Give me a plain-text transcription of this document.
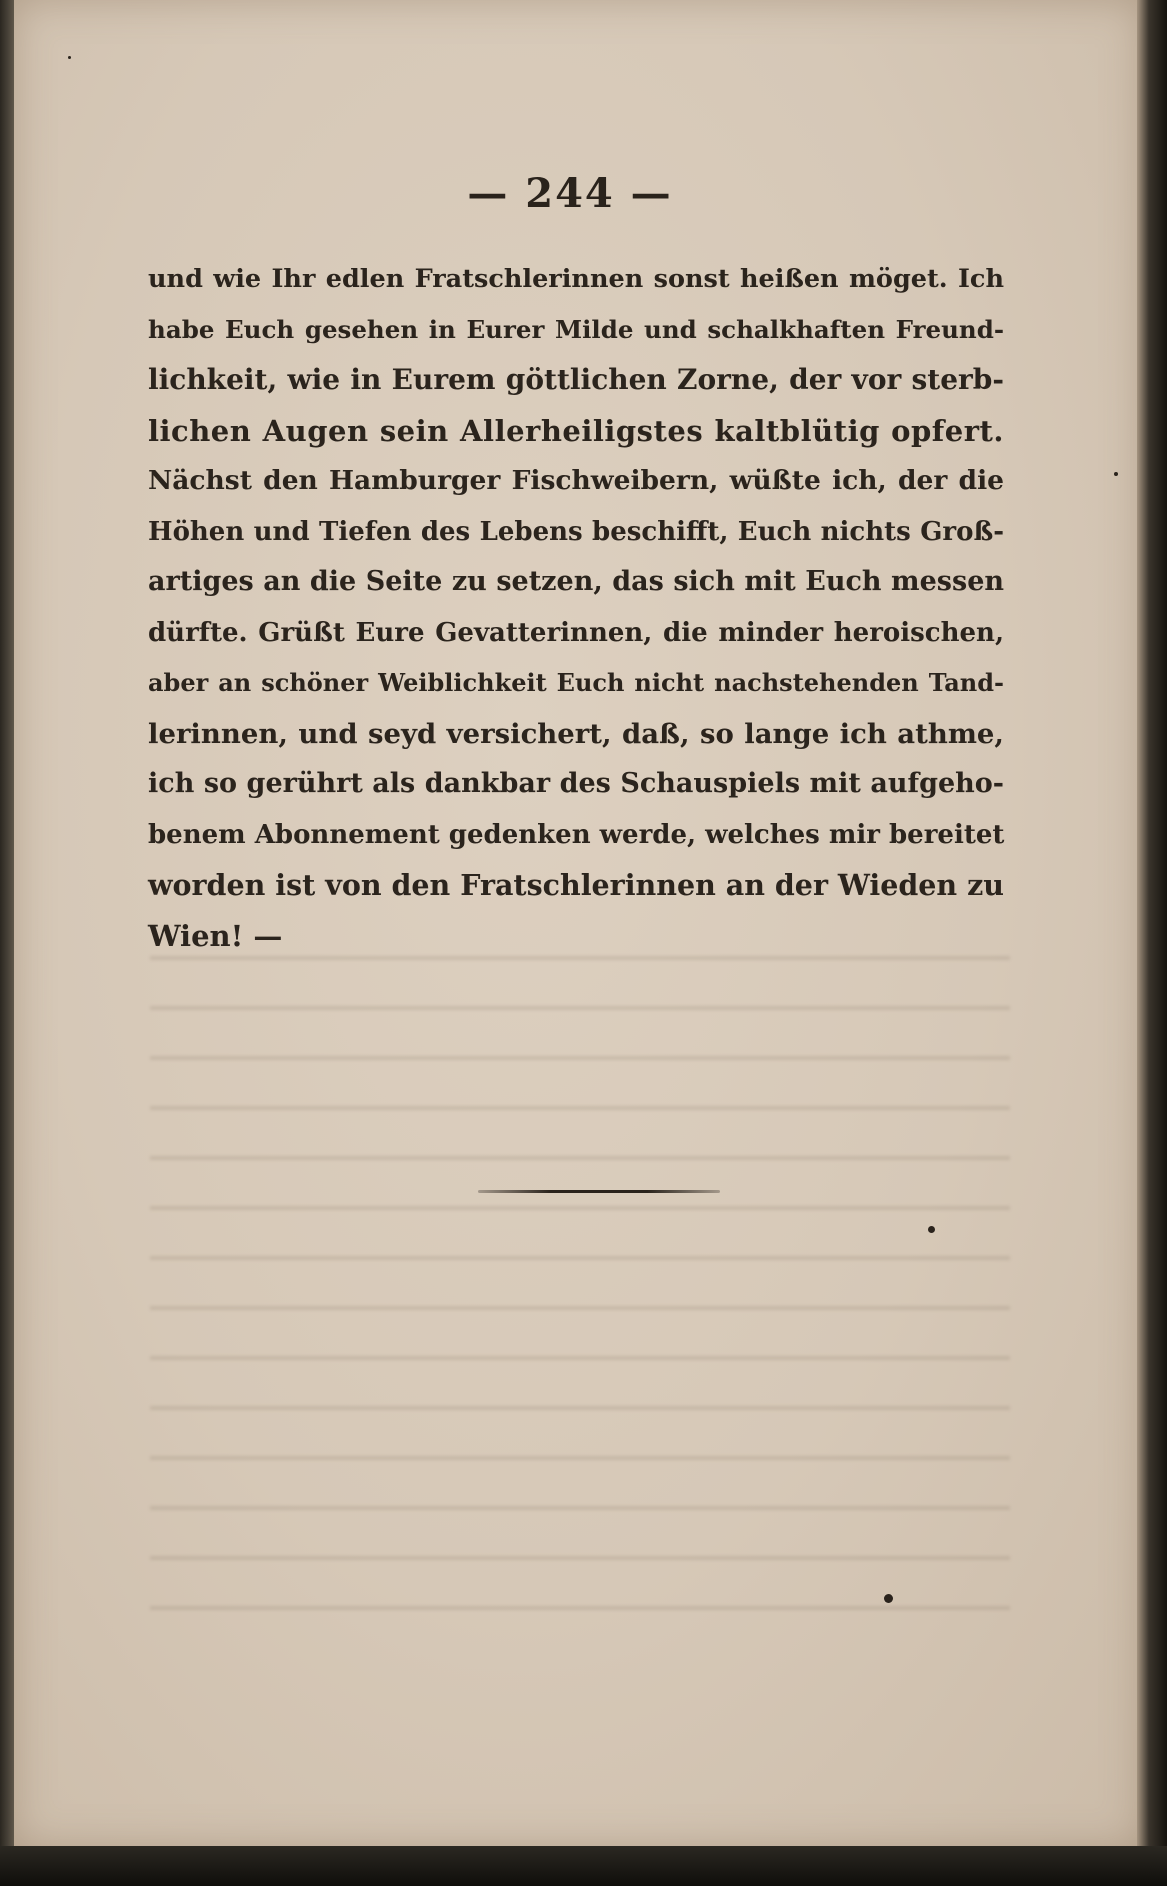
— 244 —
und wie Ihr edlen Fratschlerinnen sonst heißen möget. Ich
habe Euch gesehen in Eurer Milde und schalkhaften Freund-
lichkeit, wie in Eurem göttlichen Zorne, der vor sterb-
lichen Augen sein Allerheiligstes kaltblütig opfert.
Nächst den Hamburger Fischweibern, wüßte ich, der die
Höhen und Tiefen des Lebens beschifft, Euch nichts Groß-
artiges an die Seite zu setzen, das sich mit Euch messen
dürfte. Grüßt Eure Gevatterinnen, die minder heroischen,
aber an schöner Weiblichkeit Euch nicht nachstehenden Tand-
lerinnen, und seyd versichert, daß, so lange ich athme,
ich so gerührt als dankbar des Schauspiels mit aufgeho-
benem Abonnement gedenken werde, welches mir bereitet
worden ist von den Fratschlerinnen an der Wieden zu
Wien! —
